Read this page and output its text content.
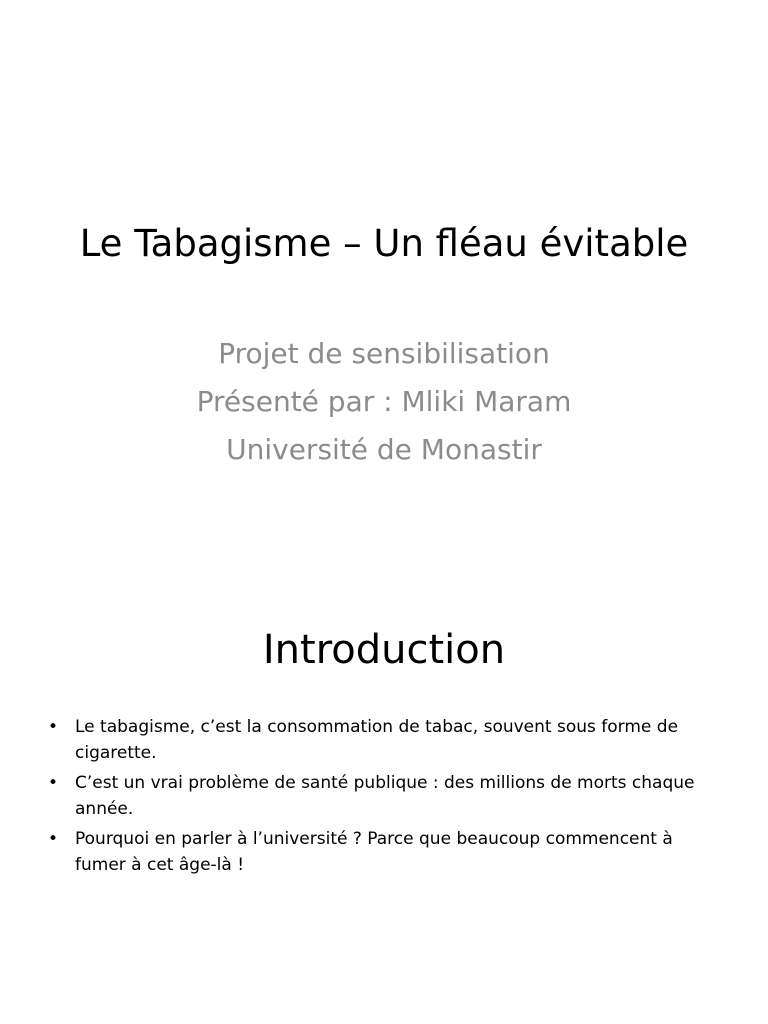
Le Tabagisme – Un fléau évitable
Projet de sensibilisation
Présenté par : Mliki Maram
Université de Monastir
Introduction
• Le tabagisme, c’est la consommation de tabac, souvent sous forme de cigarette.
• C’est un vrai problème de santé publique : des millions de morts chaque année.
• Pourquoi en parler à l’université ? Parce que beaucoup commencent à fumer à cet âge-là !
